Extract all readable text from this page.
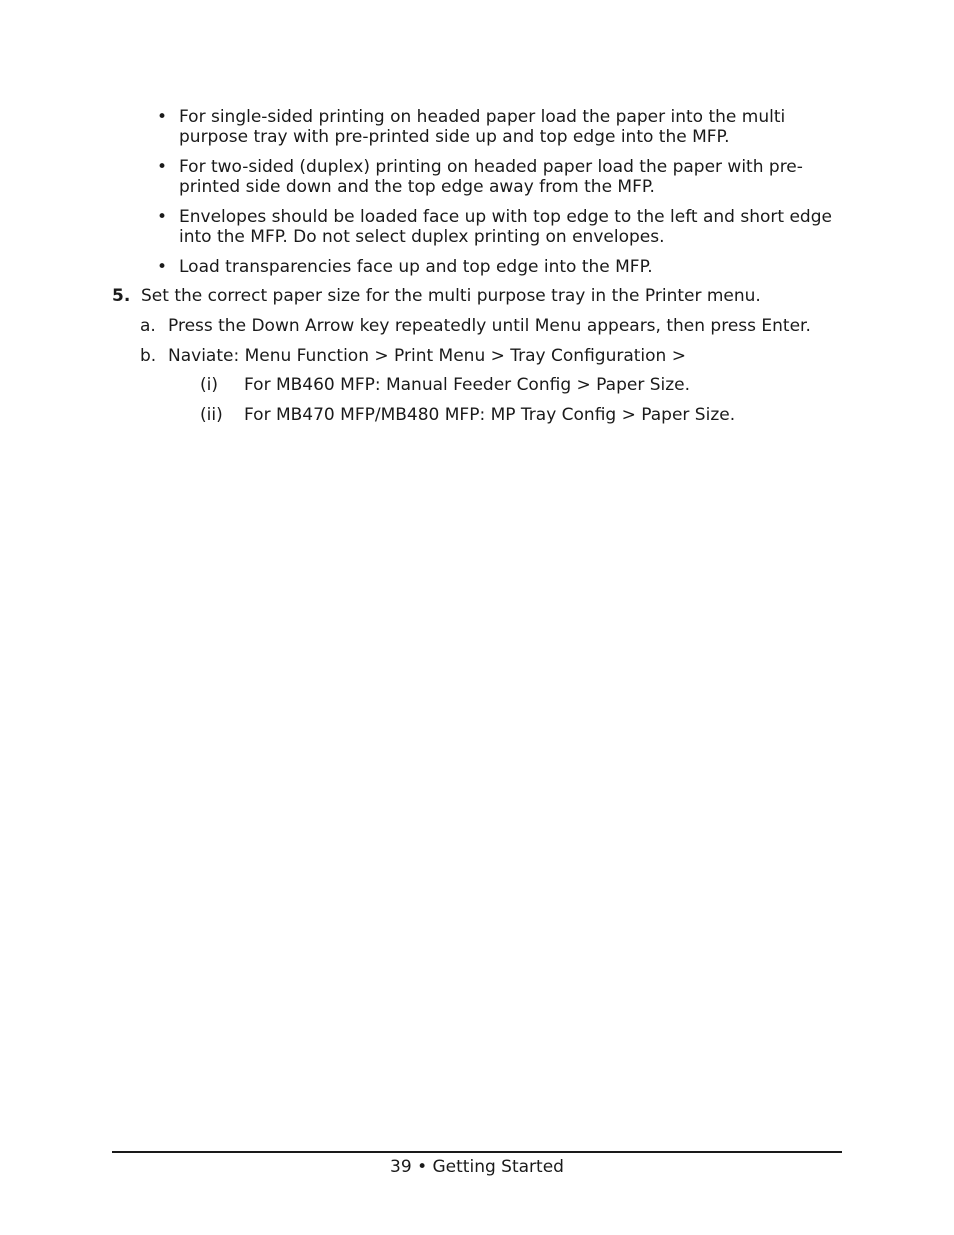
• For single-sided printing on headed paper load the paper into the multi purpose tray with pre-printed side up and top edge into the MFP.
• For two-sided (duplex) printing on headed paper load the paper with pre-printed side down and the top edge away from the MFP.
• Envelopes should be loaded face up with top edge to the left and short edge into the MFP. Do not select duplex printing on envelopes.
• Load transparencies face up and top edge into the MFP.
5. Set the correct paper size for the multi purpose tray in the Printer menu.
a. Press the Down Arrow key repeatedly until Menu appears, then press Enter.
b. Naviate: Menu Function > Print Menu > Tray Configuration >
(i) For MB460 MFP: Manual Feeder Config > Paper Size.
(ii) For MB470 MFP/MB480 MFP: MP Tray Config > Paper Size.
39 • Getting Started
